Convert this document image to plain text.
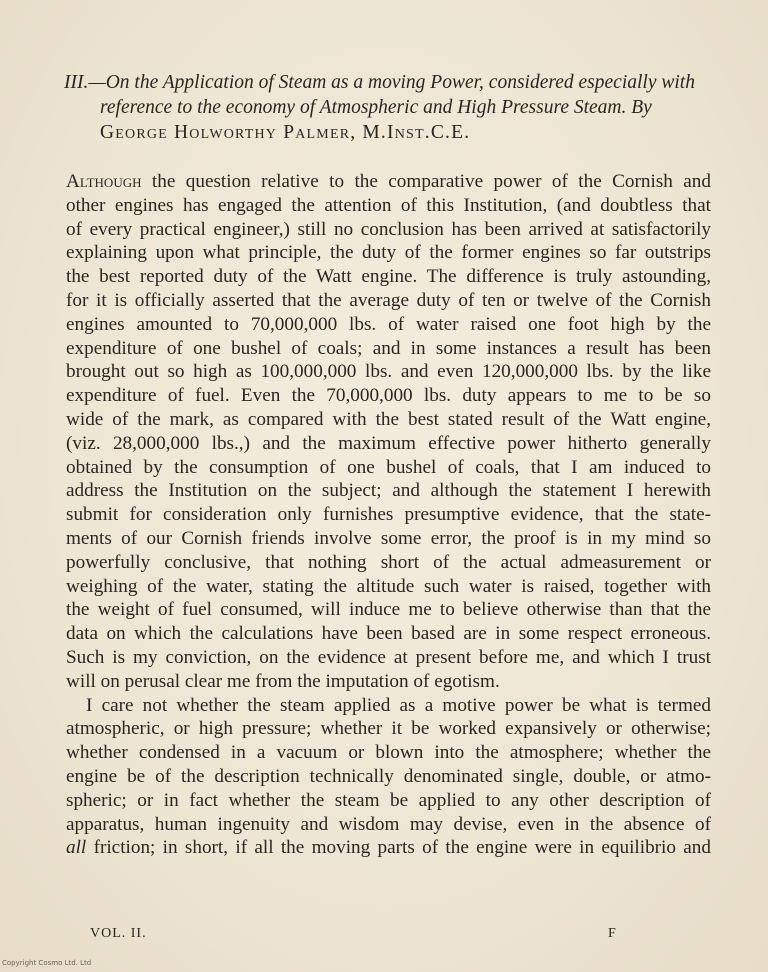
III.—On the Application of Steam as a moving Power, considered especially with
reference to the economy of Atmospheric and High Pressure Steam. By
George Holworthy Palmer, M.Inst.C.E.
Although the question relative to the comparative power of the Cornish and
other engines has engaged the attention of this Institution, (and doubtless that
of every practical engineer,) still no conclusion has been arrived at satisfactorily
explaining upon what principle, the duty of the former engines so far outstrips
the best reported duty of the Watt engine. The difference is truly astounding,
for it is officially asserted that the average duty of ten or twelve of the Cornish
engines amounted to 70,000,000 lbs. of water raised one foot high by the
expenditure of one bushel of coals; and in some instances a result has been
brought out so high as 100,000,000 lbs. and even 120,000,000 lbs. by the like
expenditure of fuel. Even the 70,000,000 lbs. duty appears to me to be so
wide of the mark, as compared with the best stated result of the Watt engine,
(viz. 28,000,000 lbs.,) and the maximum effective power hitherto generally
obtained by the consumption of one bushel of coals, that I am induced to
address the Institution on the subject; and although the statement I herewith
submit for consideration only furnishes presumptive evidence, that the state-
ments of our Cornish friends involve some error, the proof is in my mind so
powerfully conclusive, that nothing short of the actual admeasurement or
weighing of the water, stating the altitude such water is raised, together with
the weight of fuel consumed, will induce me to believe otherwise than that the
data on which the calculations have been based are in some respect erroneous.
Such is my conviction, on the evidence at present before me, and which I trust
will on perusal clear me from the imputation of egotism.
I care not whether the steam applied as a motive power be what is termed
atmospheric, or high pressure; whether it be worked expansively or otherwise;
whether condensed in a vacuum or blown into the atmosphere; whether the
engine be of the description technically denominated single, double, or atmo-
spheric; or in fact whether the steam be applied to any other description of
apparatus, human ingenuity and wisdom may devise, even in the absence of
all friction; in short, if all the moving parts of the engine were in equilibrio and
VOL. II.	F
Copyright Cosmo Ltd. Ltd
